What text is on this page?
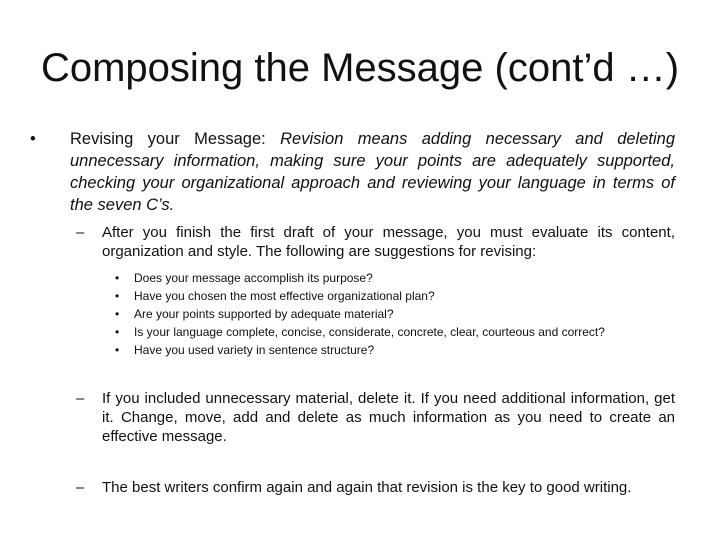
Composing the Message (cont’d …)
•	Revising your Message: Revision means adding necessary and deleting unnecessary information, making sure your points are adequately supported, checking your organizational approach and reviewing your language in terms of the seven C’s.
– After you finish the first draft of your message, you must evaluate its content, organization and style. The following are suggestions for revising:
• Does your message accomplish its purpose?
• Have you chosen the most effective organizational plan?
• Are your points supported by adequate material?
• Is your language complete, concise, considerate, concrete, clear, courteous and correct?
• Have you used variety in sentence structure?
– If you included unnecessary material, delete it. If you need additional information, get it. Change, move, add and delete as much information as you need to create an effective message.
– The best writers confirm again and again that revision is the key to good writing.
